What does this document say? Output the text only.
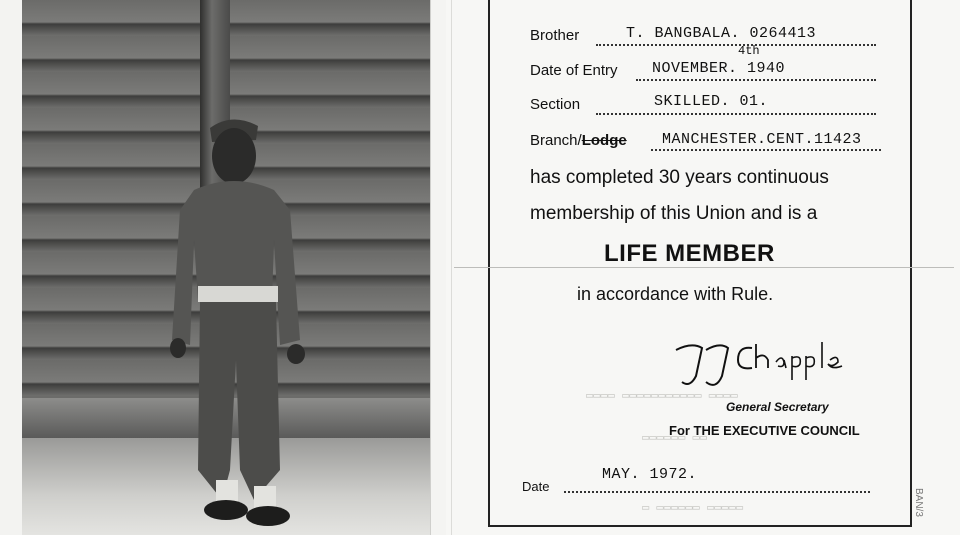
Brother	T. BANGBALA. 0264413
Date of Entry NOVEMBER. 1940
4th
Section	SKILLED. 01.
Branch/Lodge MANCHESTER.CENT.11423
has completed 30 years continuous
membership of this Union and is a
LIFE MEMBER
in accordance with Rule.
▭▭▭▭ ▭▭▭▭▭▭▭▭▭▭▭ ▭▭▭▭
▭▭▭▭▭▭ ▭▭
▭ ▭▭▭▭▭▭ ▭▭▭▭▭
General Secretary
For THE EXECUTIVE COUNCIL
Date
MAY. 1972.
BAN/3
